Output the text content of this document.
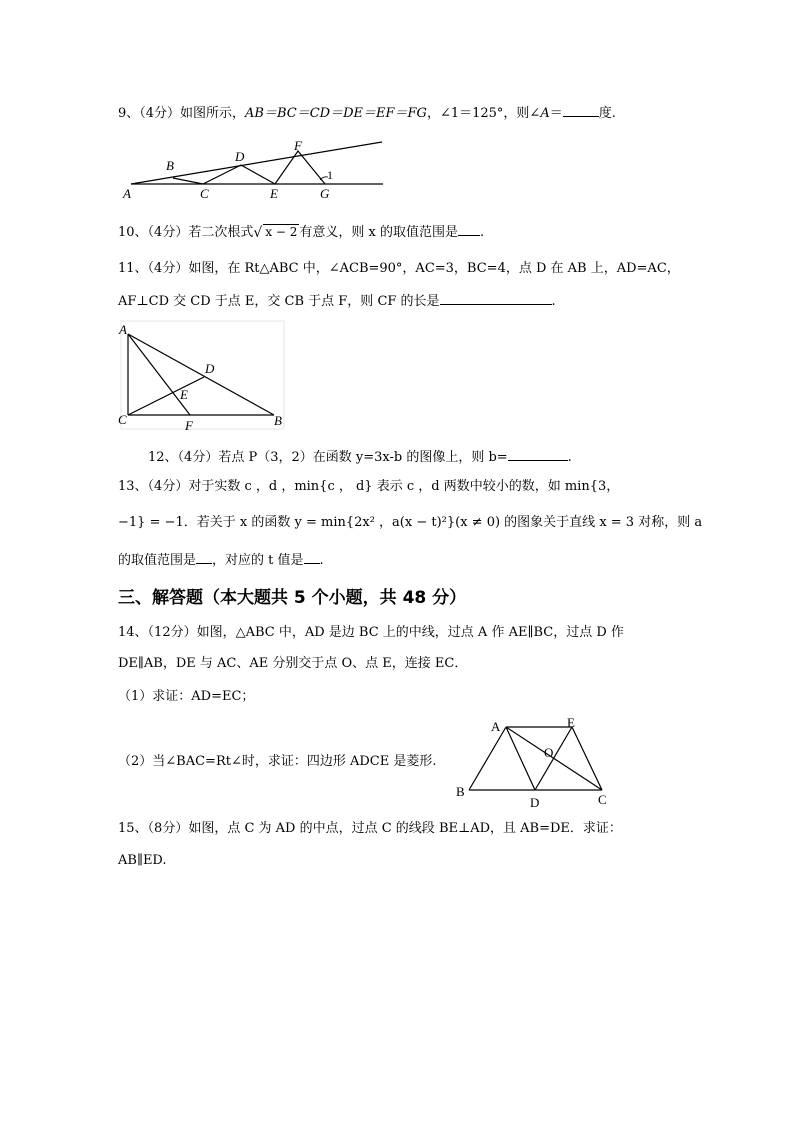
9、（4分）如图所示，AB＝BC＝CD＝DE＝EF＝FG，∠1＝125°，则∠A＝	度.
A
B
C
D
E
F
G
1
10、（4分）若二次根式 √ x − 2 有意义，则 x 的取值范围是 .
11、（4分）如图，在 Rt△ABC 中，∠ACB=90°，AC=3，BC=4，点 D 在 AB 上，AD=AC，
AF⊥CD 交 CD 于点 E，交 CB 于点 F，则 CF 的长是	.
A
D
E
C	B
F
12、（4分）若点 P（3，2）在函数 y=3x-b 的图像上，则 b=	.
13、（4分）对于实数 c ，d ，min{c ， d} 表示 c ，d 两数中较小的数，如 min{3，
−1} = −1．若关于 x 的函数 y = min{2x² ，a(x − t)²}(x ≠ 0) 的图象关于直线 x = 3 对称，则 a
的取值范围是 ，对应的 t 值是 .
三、解答题（本大题共 5 个小题，共 48 分）
14、（12分）如图，△ABC 中，AD 是边 BC 上的中线，过点 A 作 AE∥BC，过点 D 作
DE∥AB，DE 与 AC、AE 分别交于点 O、点 E，连接 EC．
（1）求证：AD=EC；
（2）当∠BAC=Rt∠时，求证：四边形 ADCE 是菱形.
A	E
O
B
D	C
15、（8分）如图，点 C 为 AD 的中点，过点 C 的线段 BE⊥AD，且 AB=DE．求证：
AB∥ED.
